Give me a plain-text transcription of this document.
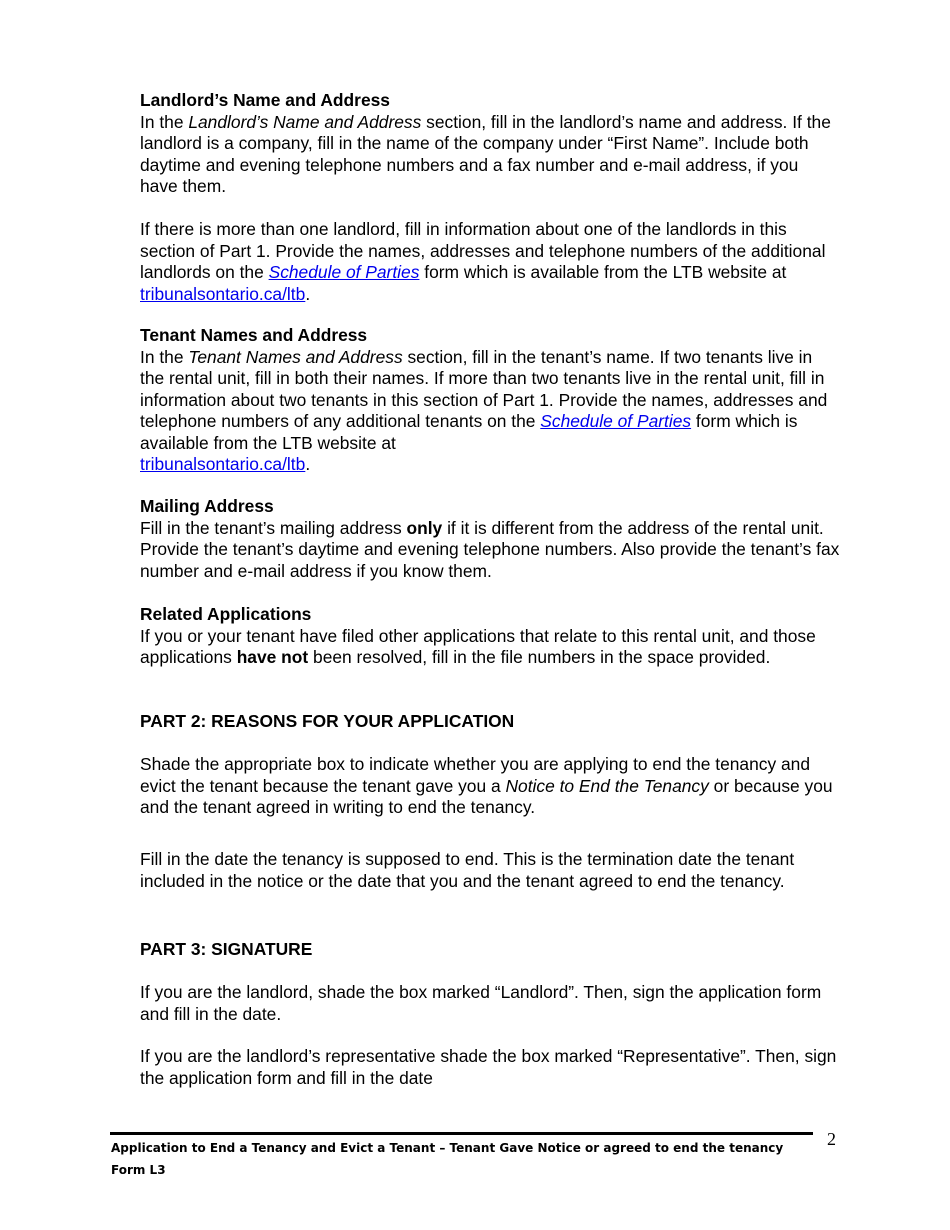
Landlord’s Name and Address

In the Landlord’s Name and Address section, fill in the landlord’s name and address. If the landlord is a company, fill in the name of the company under “First Name”. Include both daytime and evening telephone numbers and a fax number and e-mail address, if you have them.

If there is more than one landlord, fill in information about one of the landlords in this section of Part 1. Provide the names, addresses and telephone numbers of the additional landlords on the Schedule of Parties form which is available from the LTB website at tribunalsontario.ca/ltb.

Tenant Names and Address

In the Tenant Names and Address section, fill in the tenant’s name. If two tenants live in the rental unit, fill in both their names. If more than two tenants live in the rental unit, fill in information about two tenants in this section of Part 1. Provide the names, addresses and telephone numbers of any additional tenants on the Schedule of Parties form which is available from the LTB website at
tribunalsontario.ca/ltb.

Mailing Address

Fill in the tenant’s mailing address only if it is different from the address of the rental unit. Provide the tenant’s daytime and evening telephone numbers. Also provide the tenant’s fax number and e-mail address if you know them.

Related Applications

If you or your tenant have filed other applications that relate to this rental unit, and those applications have not been resolved, fill in the file numbers in the space provided.

PART 2: REASONS FOR YOUR APPLICATION

Shade the appropriate box to indicate whether you are applying to end the tenancy and evict the tenant because the tenant gave you a Notice to End the Tenancy or because you and the tenant agreed in writing to end the tenancy.

Fill in the date the tenancy is supposed to end. This is the termination date the tenant included in the notice or the date that you and the tenant agreed to end the tenancy.

PART 3: SIGNATURE

If you are the landlord, shade the box marked “Landlord”. Then, sign the application form and fill in the date.

If you are the landlord’s representative shade the box marked “Representative”. Then, sign the application form and fill in the date

2
Application to End a Tenancy and Evict a Tenant – Tenant Gave Notice or agreed to end the tenancy
Form L3
